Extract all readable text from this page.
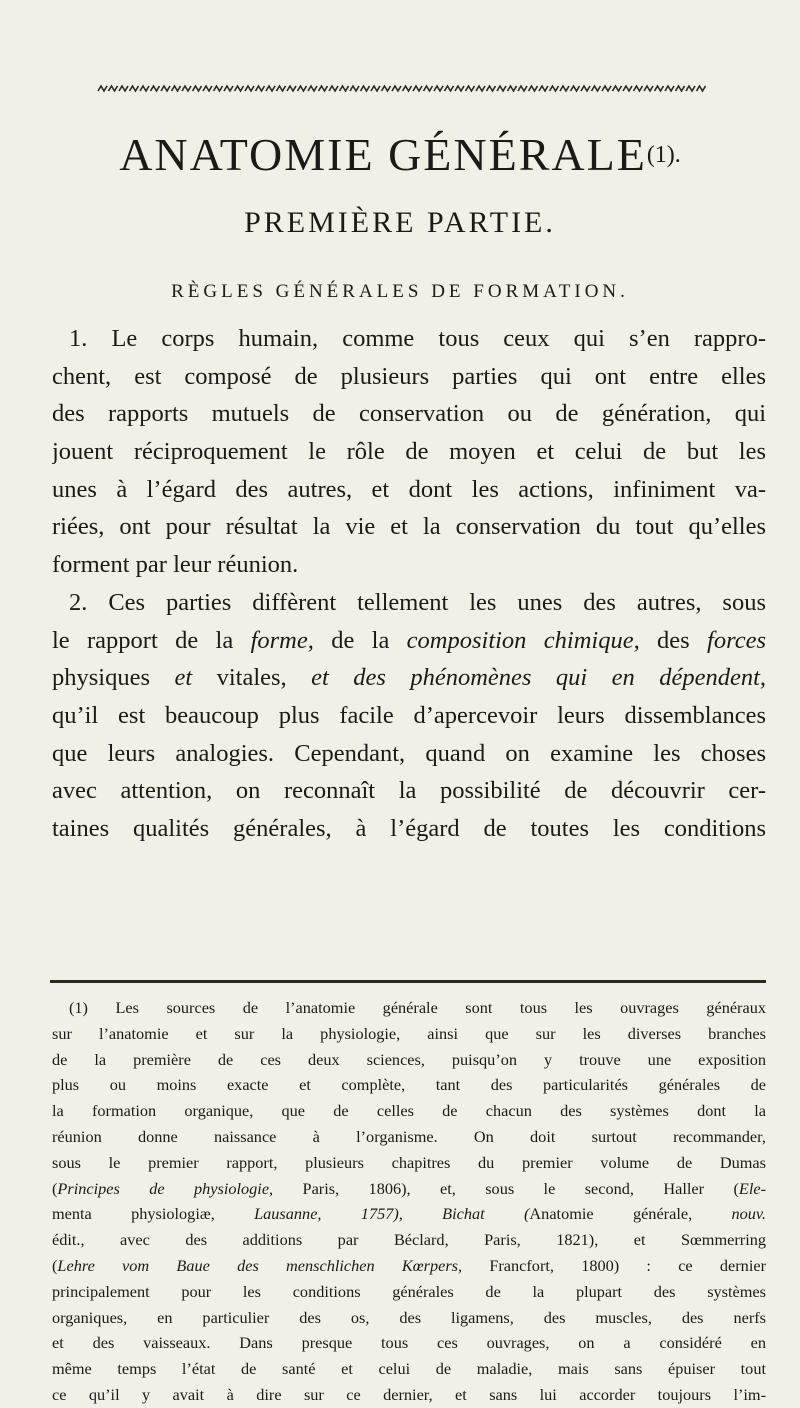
ANATOMIE $GÉNÉRALE^{(1).}$
PREMIÈRE PARTIE.
RÈGLES GÉNÉRALES DE FORMATION.
1. Le corps humain, comme tous ceux qui s’en rappro-
chent, est composé de plusieurs parties qui ont entre elles
des rapports mutuels de conservation ou de génération, qui
jouent réciproquement le rôle de moyen et celui de but les
unes à l’égard des autres, et dont les actions, infiniment va-
riées, ont pour résultat la vie et la conservation du tout qu’elles
forment par leur réunion.
2. Ces parties diffèrent tellement les unes des autres, sous
le rapport de la forme, de la composition chimique, des forces
physiques et vitales, et des phénomènes qui en dépendent,
qu’il est beaucoup plus facile d’apercevoir leurs dissemblances
que leurs analogies. Cependant, quand on examine les choses
avec attention, on reconnaît la possibilité de découvrir cer-
taines qualités générales, à l’égard de toutes les conditions
(1) Les sources de l’anatomie générale sont tous les ouvrages généraux
sur l’anatomie et sur la physiologie, ainsi que sur les diverses branches
de la première de ces deux sciences, puisqu’on y trouve une exposition
plus ou moins exacte et complète, tant des particularités générales de
la formation organique, que de celles de chacun des systèmes dont la
réunion donne naissance à l’organisme. On doit surtout recommander,
sous le premier rapport, plusieurs chapitres du premier volume de Dumas
(Principes de physiologie, Paris, 1806), et, sous le second, Haller (Ele-
menta physiologiæ, Lausanne, 1757), Bichat (Anatomie générale, nouv.
édit., avec des additions par Béclard, Paris, 1821), et Sœmmerring
(Lehre vom Baue des menschlichen Kœrpers, Francfort, 1800) : ce dernier
principalement pour les conditions générales de la plupart des systèmes
organiques, en particulier des os, des ligamens, des muscles, des nerfs
et des vaisseaux. Dans presque tous ces ouvrages, on a considéré en
même temps l’état de santé et celui de maladie, mais sans épuiser tout
ce qu’il y avait à dire sur ce dernier, et sans lui accorder toujours l’im-
